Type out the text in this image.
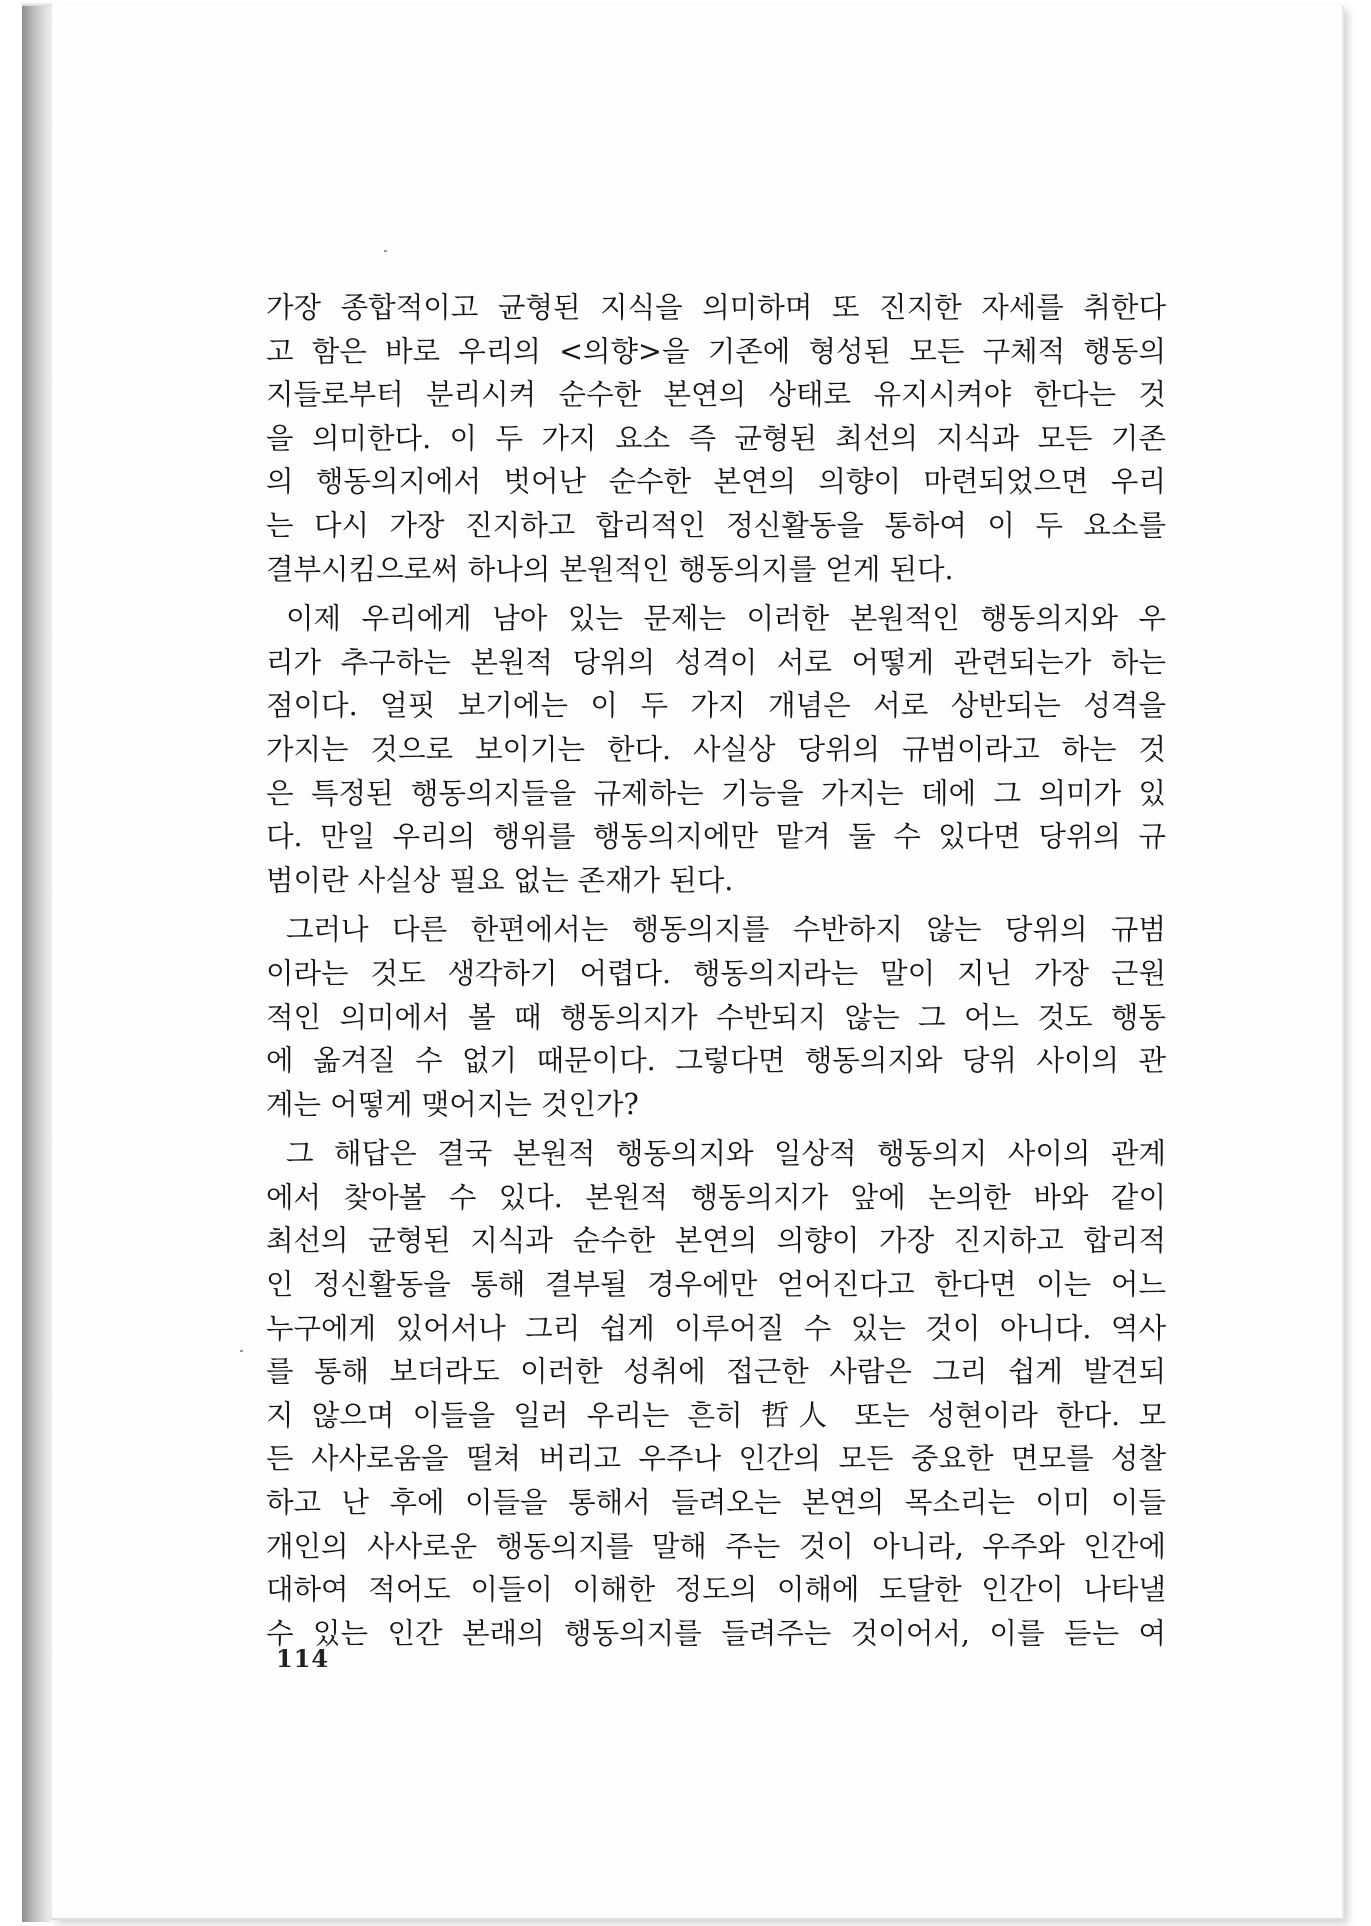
가장 종합적이고 균형된 지식을 의미하며 또 진지한 자세를 취한다
고 함은 바로 우리의 <의향>을 기존에 형성된 모든 구체적 행동의
지들로부터 분리시켜 순수한 본연의 상태로 유지시켜야 한다는 것
을 의미한다. 이 두 가지 요소 즉 균형된 최선의 지식과 모든 기존
의 행동의지에서 벗어난 순수한 본연의 의향이 마련되었으면 우리
는 다시 가장 진지하고 합리적인 정신활동을 통하여 이 두 요소를
결부시킴으로써 하나의 본원적인 행동의지를 얻게 된다.
이제 우리에게 남아 있는 문제는 이러한 본원적인 행동의지와 우
리가 추구하는 본원적 당위의 성격이 서로 어떻게 관련되는가 하는
점이다. 얼핏 보기에는 이 두 가지 개념은 서로 상반되는 성격을
가지는 것으로 보이기는 한다. 사실상 당위의 규범이라고 하는 것
은 특정된 행동의지들을 규제하는 기능을 가지는 데에 그 의미가 있
다. 만일 우리의 행위를 행동의지에만 맡겨 둘 수 있다면 당위의 규
범이란 사실상 필요 없는 존재가 된다.
그러나 다른 한편에서는 행동의지를 수반하지 않는 당위의 규범
이라는 것도 생각하기 어렵다. 행동의지라는 말이 지닌 가장 근원
적인 의미에서 볼 때 행동의지가 수반되지 않는 그 어느 것도 행동
에 옮겨질 수 없기 때문이다. 그렇다면 행동의지와 당위 사이의 관
계는 어떻게 맺어지는 것인가?
그 해답은 결국 본원적 행동의지와 일상적 행동의지 사이의 관계
에서 찾아볼 수 있다. 본원적 행동의지가 앞에 논의한 바와 같이
최선의 균형된 지식과 순수한 본연의 의향이 가장 진지하고 합리적
인 정신활동을 통해 결부될 경우에만 얻어진다고 한다면 이는 어느
누구에게 있어서나 그리 쉽게 이루어질 수 있는 것이 아니다. 역사
를 통해 보더라도 이러한 성취에 접근한 사람은 그리 쉽게 발견되
지 않으며 이들을 일러 우리는 흔히 哲人 또는 성현이라 한다. 모
든 사사로움을 떨쳐 버리고 우주나 인간의 모든 중요한 면모를 성찰
하고 난 후에 이들을 통해서 들려오는 본연의 목소리는 이미 이들
개인의 사사로운 행동의지를 말해 주는 것이 아니라, 우주와 인간에
대하여 적어도 이들이 이해한 정도의 이해에 도달한 인간이 나타낼
수 있는 인간 본래의 행동의지를 들려주는 것이어서, 이를 듣는 여
114
